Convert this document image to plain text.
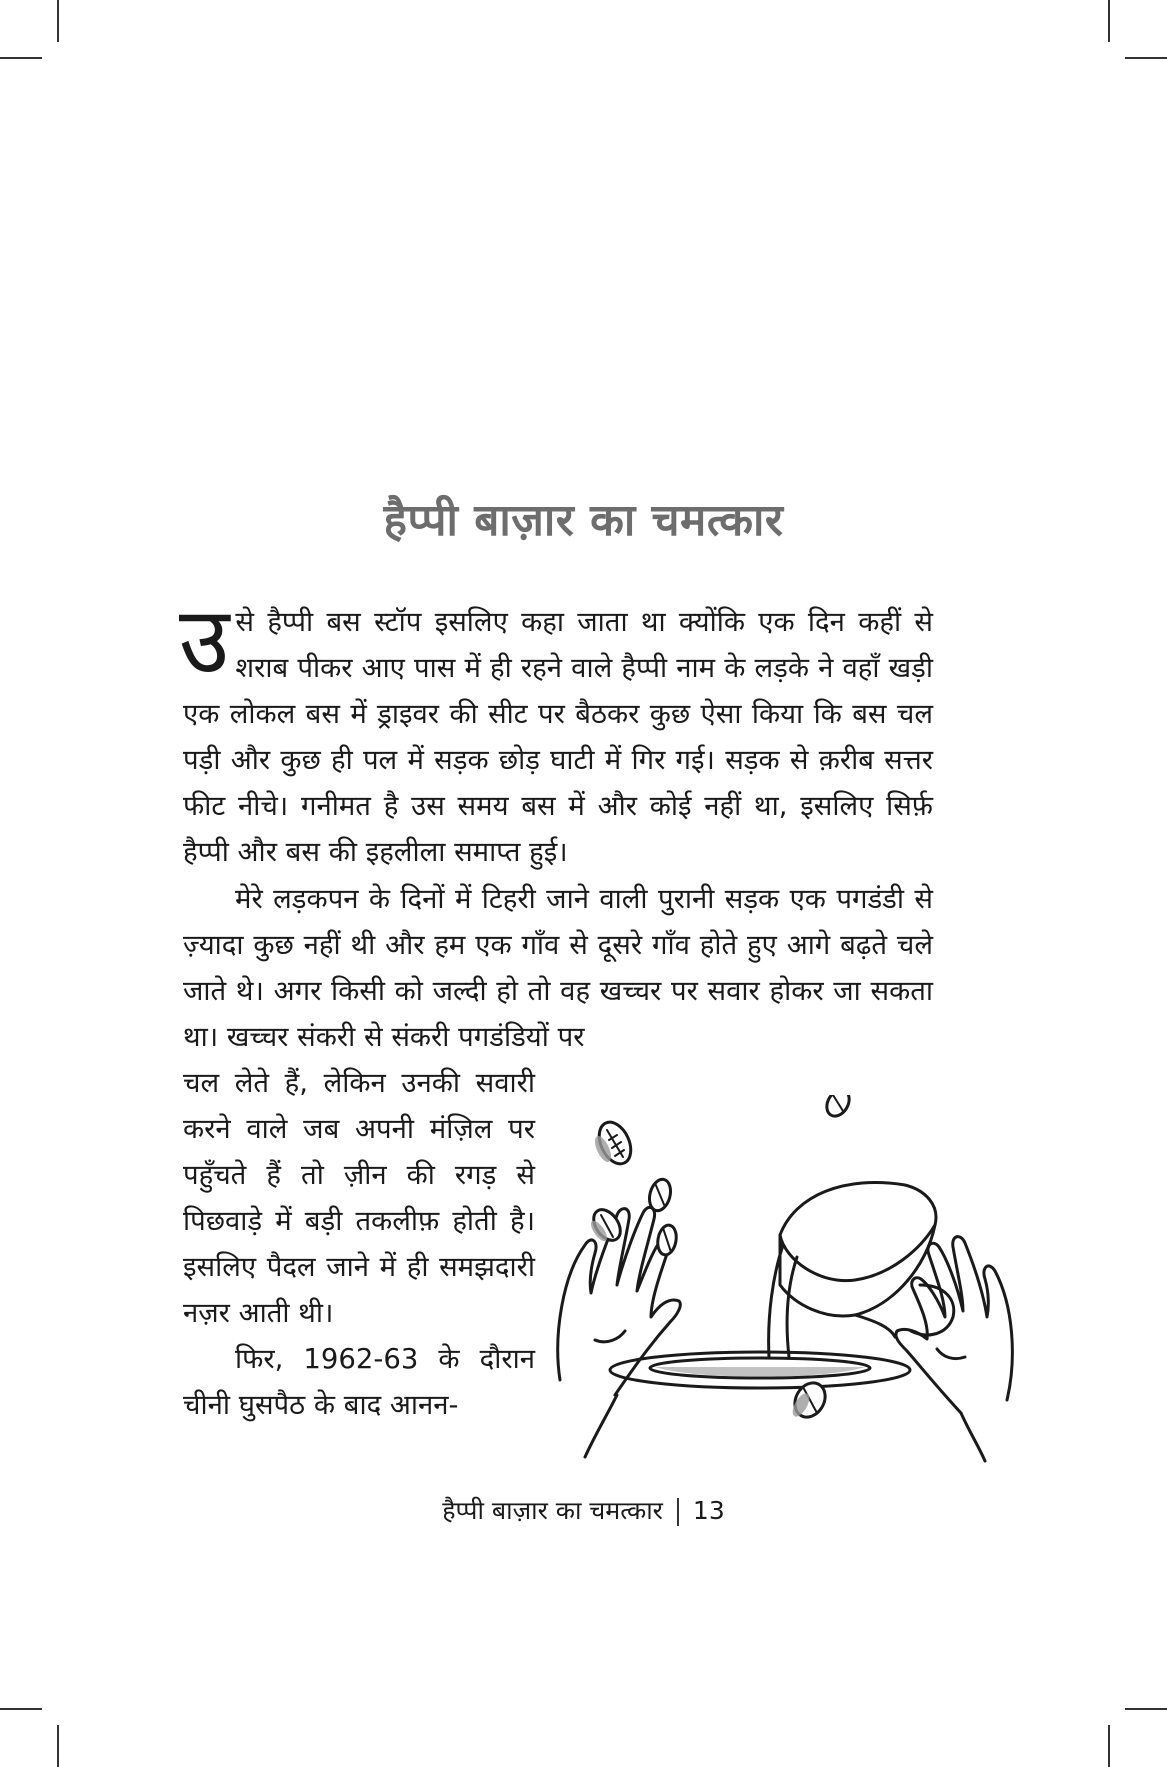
हैप्पी बाज़ार का चमत्कार

उसे हैप्पी बस स्टॉप इसलिए कहा जाता था क्योंकि एक दिन कहीं से शराब पीकर आए पास में ही रहने वाले हैप्पी नाम के लड़के ने वहाँ खड़ी एक लोकल बस में ड्राइवर की सीट पर बैठकर कुछ ऐसा किया कि बस चल पड़ी और कुछ ही पल में सड़क छोड़ घाटी में गिर गई। सड़क से क़रीब सत्तर फीट नीचे। गनीमत है उस समय बस में और कोई नहीं था, इसलिए सिर्फ़ हैप्पी और बस की इहलीला समाप्त हुई।

मेरे लड़कपन के दिनों में टिहरी जाने वाली पुरानी सड़क एक पगडंडी से ज़्यादा कुछ नहीं थी और हम एक गाँव से दूसरे गाँव होते हुए आगे बढ़ते चले जाते थे। अगर किसी को जल्दी हो तो वह खच्चर पर सवार होकर जा सकता था। खच्चर संकरी से संकरी पगडंडियों पर

चल लेते हैं, लेकिन उनकी सवारी करने वाले जब अपनी मंज़िल पर पहुँचते हैं तो ज़ीन की रगड़ से पिछवाड़े में बड़ी तकलीफ़ होती है। इसलिए पैदल जाने में ही समझदारी नज़र आती थी।

फिर, 1962-63 के दौरान चीनी घुसपैठ के बाद आनन-

हैप्पी बाज़ार का चमत्कार 13
